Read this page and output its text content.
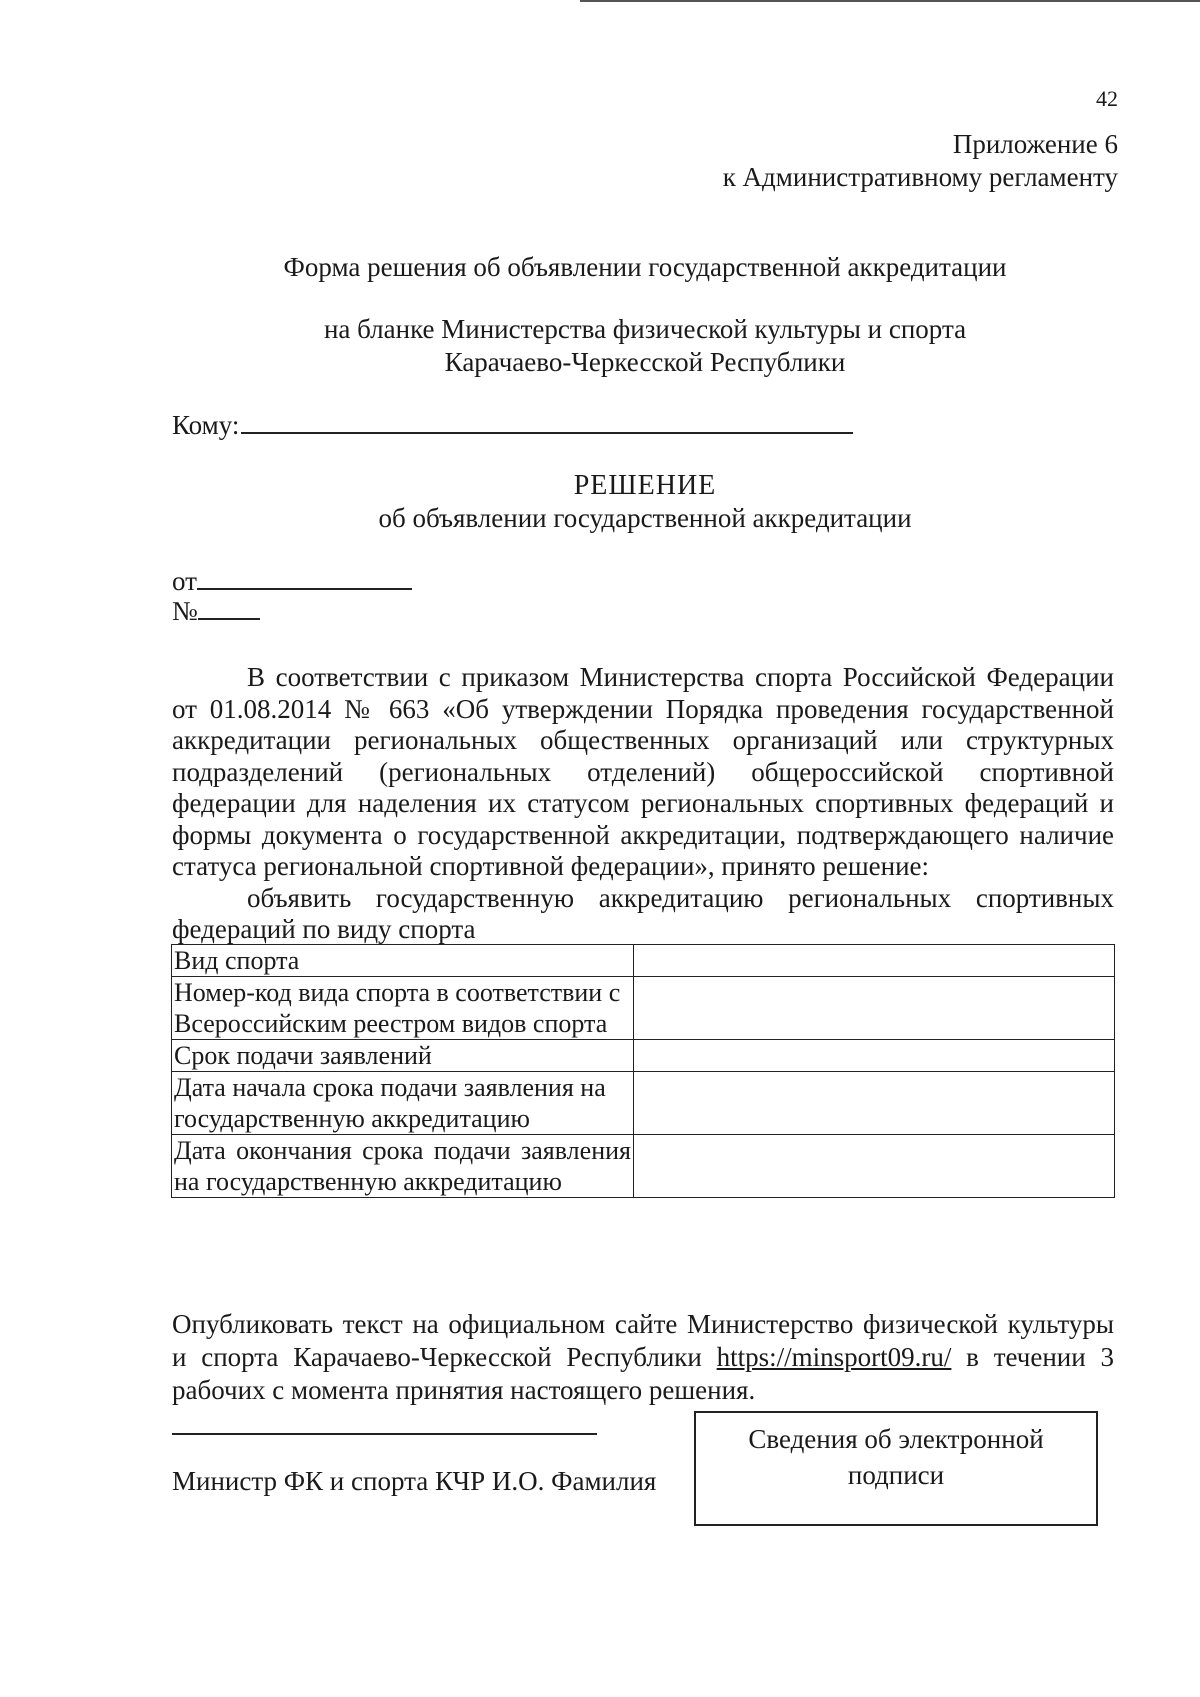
42
Приложение 6
к Административному регламенту
Форма решения об объявлении государственной аккредитации
на бланке Министерства физической культуры и спорта
Карачаево-Черкесской Республики
Кому:
РЕШЕНИЕ
об объявлении государственной аккредитации
от
№

В соответствии с приказом Министерства спорта Российской Федерации от 01.08.2014 № 663 «Об утверждении Порядка проведения государственной аккредитации региональных общественных организаций или структурных подразделений (региональных отделений) общероссийской спортивной федерации для наделения их статусом региональных спортивных федераций и формы документа о государственной аккредитации, подтверждающего наличие статуса региональной спортивной федерации», принято решение:

объявить государственную аккредитацию региональных спортивных федераций по виду спорта

Вид спорта	
Номер-код вида спорта в соответствии с Всероссийским реестром видов спорта	
Срок подачи заявлений	
Дата начала срока подачи заявления на государственную аккредитацию	
Дата окончания срока подачи заявления на государственную аккредитацию	

Опубликовать текст на официальном сайте Министерство физической культуры и спорта Карачаево-Черкесской Республики https://minsport09.ru/ в течении 3 рабочих с момента принятия настоящего решения.

Министр ФК и спорта КЧР И.О. Фамилия
Сведения об электронной
подписи
